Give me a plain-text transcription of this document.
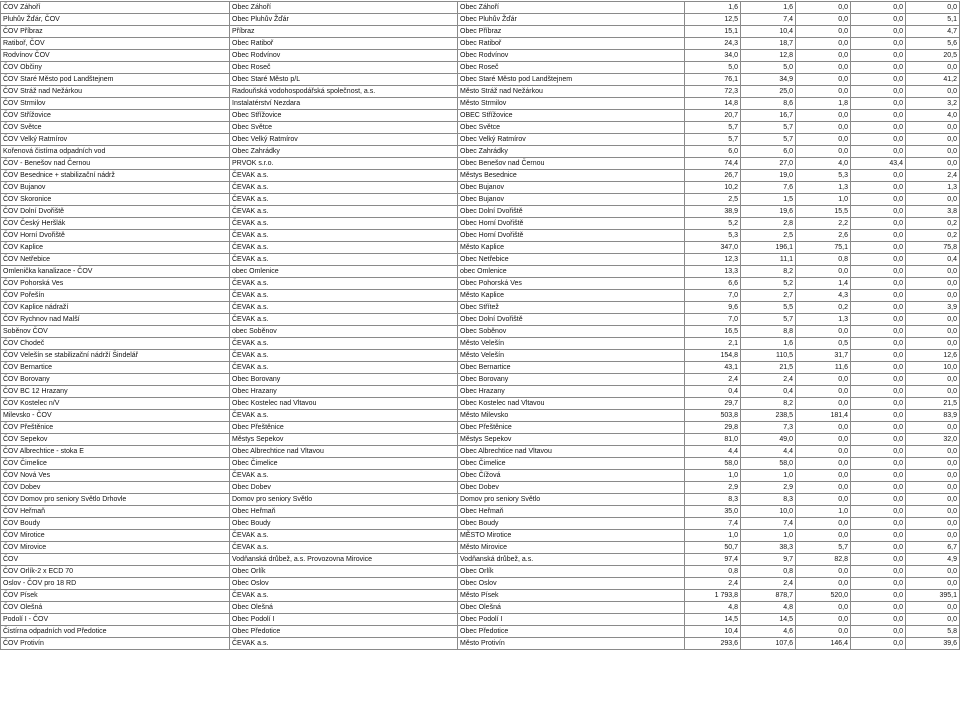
ČOV Záhoří	Obec Záhoří	Obec Záhoří	1,6	1,6	0,0	0,0	0,0
Pluhův Žďár, ČOV	Obec Pluhův Žďár	Obec Pluhův Žďár	12,5	7,4	0,0	0,0	5,1
ČOV Příbraz	Příbraz	Obec Příbraz	15,1	10,4	0,0	0,0	4,7
Ratiboř, ČOV	Obec Ratiboř	Obec Ratiboř	24,3	18,7	0,0	0,0	5,6
Rodvínov ČOV	Obec Rodvínov	Obec Rodvínov	34,0	12,8	0,0	0,0	20,5
ČOV Občiny	Obec Roseč	Obec Roseč	5,0	5,0	0,0	0,0	0,0
ČOV Staré Město pod Landštejnem	Obec Staré Město p/L	Obec Staré Město pod Landštejnem	76,1	34,9	0,0	0,0	41,2
ČOV Stráž nad Nežárkou	Radouňská vodohospodářská společnost, a.s.	Město Stráž nad Nežárkou	72,3	25,0	0,0	0,0	0,0
ČOV Strmilov	Instalatérství Nezdara	Město Strmilov	14,8	8,6	1,8	0,0	3,2
ČOV Střížovice	Obec Střížovice	OBEC Střížovice	20,7	16,7	0,0	0,0	4,0
ČOV Světce	Obec Světce	Obec Světce	5,7	5,7	0,0	0,0	0,0
ČOV Velký Ratmírov	Obec Velký Ratmírov	Obec Velký Ratmírov	5,7	5,7	0,0	0,0	0,0
Kořenová čistírna odpadních vod	Obec Zahrádky	Obec Zahrádky	6,0	6,0	0,0	0,0	0,0
ČOV - Benešov nad Černou	PRVOK s.r.o.	Obec Benešov nad Černou	74,4	27,0	4,0	43,4	0,0
ČOV Besednice + stabilizační nádrž	ČEVAK a.s.	Městys Besednice	26,7	19,0	5,3	0,0	2,4
ČOV Bujanov	ČEVAK a.s.	Obec Bujanov	10,2	7,6	1,3	0,0	1,3
ČOV Skoronice	ČEVAK a.s.	Obec Bujanov	2,5	1,5	1,0	0,0	0,0
ČOV Dolní Dvořiště	ČEVAK a.s.	Obec Dolní Dvořiště	38,9	19,6	15,5	0,0	3,8
ČOV Český Heršlák	ČEVAK a.s.	Obec Horní Dvořiště	5,2	2,8	2,2	0,0	0,2
ČOV Horní Dvořiště	ČEVAK a.s.	Obec Horní Dvořiště	5,3	2,5	2,6	0,0	0,2
ČOV Kaplice	ČEVAK a.s.	Město Kaplice	347,0	196,1	75,1	0,0	75,8
ČOV Netřebice	ČEVAK a.s.	Obec Netřebice	12,3	11,1	0,8	0,0	0,4
Omlenička kanalizace - ČOV	obec Omlenice	obec Omlenice	13,3	8,2	0,0	0,0	0,0
ČOV Pohorská Ves	ČEVAK a.s.	Obec Pohorská Ves	6,6	5,2	1,4	0,0	0,0
ČOV Pořešín	ČEVAK a.s.	Město Kaplice	7,0	2,7	4,3	0,0	0,0
ČOV Kaplice nádraží	ČEVAK a.s.	Obec Střítež	9,6	5,5	0,2	0,0	3,9
ČOV Rychnov nad Malší	ČEVAK a.s.	Obec Dolní Dvořiště	7,0	5,7	1,3	0,0	0,0
Soběnov ČOV	obec Soběnov	Obec Soběnov	16,5	8,8	0,0	0,0	0,0
ČOV Chodeč	ČEVAK a.s.	Město Velešín	2,1	1,6	0,5	0,0	0,0
ČOV Velešín se stabilizační nádrží Šindelář	ČEVAK a.s.	Město Velešín	154,8	110,5	31,7	0,0	12,6
ČOV Bernartice	ČEVAK a.s.	Obec Bernartice	43,1	21,5	11,6	0,0	10,0
ČOV Borovany	Obec Borovany	Obec Borovany	2,4	2,4	0,0	0,0	0,0
ČOV BC 12 Hrazany	Obec Hrazany	Obec Hrazany	0,4	0,4	0,0	0,0	0,0
ČOV Kostelec n/V	Obec Kostelec nad Vltavou	Obec Kostelec nad Vltavou	29,7	8,2	0,0	0,0	21,5
Milevsko - ČOV	ČEVAK a.s.	Město Milevsko	503,8	238,5	181,4	0,0	83,9
ČOV Přeštěnice	Obec Přeštěnice	Obec Přeštěnice	29,8	7,3	0,0	0,0	0,0
ČOV Sepekov	Městys Sepekov	Městys Sepekov	81,0	49,0	0,0	0,0	32,0
ČOV Albrechtice - stoka E	Obec Albrechtice nad Vltavou	Obec Albrechtice nad Vltavou	4,4	4,4	0,0	0,0	0,0
ČOV Čimelice	Obec Čimelice	Obec Čimelice	58,0	58,0	0,0	0,0	0,0
ČOV Nová Ves	ČEVAK a.s.	Obec Čížová	1,0	1,0	0,0	0,0	0,0
ČOV Dobev	Obec Dobev	Obec Dobev	2,9	2,9	0,0	0,0	0,0
ČOV Domov pro seniory Světlo Drhovle	Domov pro seniory Světlo	Domov pro seniory Světlo	8,3	8,3	0,0	0,0	0,0
ČOV Heřmaň	Obec Heřmaň	Obec Heřmaň	35,0	10,0	1,0	0,0	0,0
ČOV Boudy	Obec Boudy	Obec Boudy	7,4	7,4	0,0	0,0	0,0
ČOV Mirotice	ČEVAK a.s.	MĚSTO Mirotice	1,0	1,0	0,0	0,0	0,0
ČOV Mirovice	ČEVAK a.s.	Město Mirovice	50,7	38,3	5,7	0,0	6,7
ČOV	Vodňanská drůbež, a.s. Provozovna Mirovice	Vodňanská drůbež, a.s.	97,4	9,7	82,8	0,0	4,9
ČOV Orlík-2 x ECD 70	Obec Orlík	Obec Orlík	0,8	0,8	0,0	0,0	0,0
Oslov - ČOV pro 18 RD	Obec Oslov	Obec Oslov	2,4	2,4	0,0	0,0	0,0
ČOV Písek	ČEVAK a.s.	Město Písek	1 793,8	878,7	520,0	0,0	395,1
ČOV Olešná	Obec Olešná	Obec Olešná	4,8	4,8	0,0	0,0	0,0
Podolí I - ČOV	Obec Podolí I	Obec Podolí I	14,5	14,5	0,0	0,0	0,0
Čistírna odpadních vod Předotice	Obec Předotice	Obec Předotice	10,4	4,6	0,0	0,0	5,8
ČOV Protivín	ČEVAK a.s.	Město Protivín	293,6	107,6	146,4	0,0	39,6
